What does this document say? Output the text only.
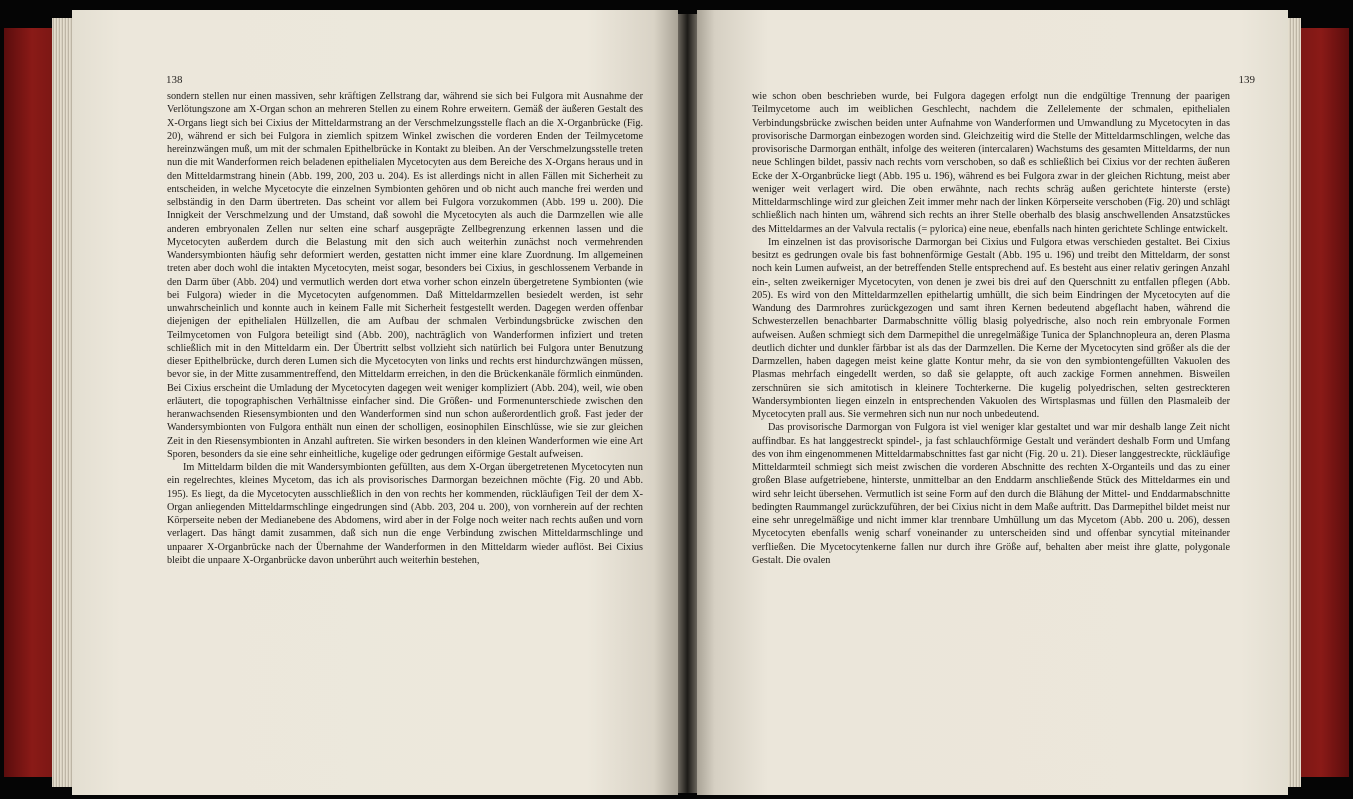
138

sondern stellen nur einen massiven, sehr kräftigen Zellstrang dar, während sie sich bei Fulgora mit Ausnahme der Verlötungszone am X-Organ schon an mehreren Stellen zu einem Rohre erweitern. Gemäß der äußeren Gestalt des X-Organs liegt sich bei Cixius der Mitteldarmstrang an der Verschmelzungsstelle flach an die X-Organbrücke (Fig. 20), während er sich bei Fulgora in ziemlich spitzem Winkel zwischen die vorderen Enden der Teilmycetome hereinzwängen muß, um mit der schmalen Epithelbrücke in Kontakt zu bleiben. An der Verschmelzungsstelle treten nun die mit Wanderformen reich beladenen epithelialen Mycetocyten aus dem Bereiche des X-Organs heraus und in den Mitteldarmstrang hinein (Abb. 199, 200, 203 u. 204). Es ist allerdings nicht in allen Fällen mit Sicherheit zu entscheiden, in welche Mycetocyte die einzelnen Symbionten gehören und ob nicht auch manche frei werden und selbständig in den Darm übertreten. Das scheint vor allem bei Fulgora vorzukommen (Abb. 199 u. 200). Die Innigkeit der Verschmelzung und der Umstand, daß sowohl die Mycetocyten als auch die Darmzellen wie alle anderen embryonalen Zellen nur selten eine scharf ausgeprägte Zellbegrenzung erkennen lassen und die Mycetocyten außerdem durch die Belastung mit den sich auch weiterhin zunächst noch vermehrenden Wandersymbionten häufig sehr deformiert werden, gestatten nicht immer eine klare Zuordnung. Im allgemeinen treten aber doch wohl die intakten Mycetocyten, meist sogar, besonders bei Cixius, in geschlossenem Verbande in den Darm über (Abb. 204) und vermutlich werden dort etwa vorher schon einzeln übergetretene Symbionten (wie bei Fulgora) wieder in die Mycetocyten aufgenommen. Daß Mitteldarmzellen besiedelt werden, ist sehr unwahrscheinlich und konnte auch in keinem Falle mit Sicherheit festgestellt werden. Dagegen werden offenbar diejenigen der epithelialen Hüllzellen, die am Aufbau der schmalen Verbindungsbrücke zwischen den Teilmycetomen von Fulgora beteiligt sind (Abb. 200), nachträglich von Wanderformen infiziert und treten schließlich mit in den Mitteldarm ein. Der Übertritt selbst vollzieht sich natürlich bei Fulgora unter Benutzung dieser Epithelbrücke, durch deren Lumen sich die Mycetocyten von links und rechts erst hindurchzwängen müssen, bevor sie, in der Mitte zusammentreffend, den Mitteldarm erreichen, in den die Brückenkanäle förmlich einmünden. Bei Cixius erscheint die Umladung der Mycetocyten dagegen weit weniger kompliziert (Abb. 204), weil, wie oben erläutert, die topographischen Verhältnisse einfacher sind. Die Größen- und Formenunterschiede zwischen den heranwachsenden Riesensymbionten und den Wanderformen sind nun schon außerordentlich groß. Fast jeder der Wandersymbionten von Fulgora enthält nun einen der scholligen, eosinophilen Einschlüsse, wie sie zur gleichen Zeit in den Riesensymbionten in Anzahl auftreten. Sie wirken besonders in den kleinen Wanderformen wie eine Art Sporen, besonders da sie eine sehr einheitliche, kugelige oder gedrungen eiförmige Gestalt aufweisen.

Im Mitteldarm bilden die mit Wandersymbionten gefüllten, aus dem X-Organ übergetretenen Mycetocyten nun ein regelrechtes, kleines Mycetom, das ich als provisorisches Darmorgan bezeichnen möchte (Fig. 20 und Abb. 195). Es liegt, da die Mycetocyten ausschließlich in den von rechts her kommenden, rückläufigen Teil der dem X-Organ anliegenden Mitteldarmschlinge eingedrungen sind (Abb. 203, 204 u. 200), von vornherein auf der rechten Körperseite neben der Medianebene des Abdomens, wird aber in der Folge noch weiter nach rechts außen und vorn verlagert. Das hängt damit zusammen, daß sich nun die enge Verbindung zwischen Mitteldarmschlinge und unpaarer X-Organbrücke nach der Übernahme der Wanderformen in den Mitteldarm wieder auflöst. Bei Cixius bleibt die unpaare X-Organbrücke davon unberührt auch weiterhin bestehen,

139

wie schon oben beschrieben wurde, bei Fulgora dagegen erfolgt nun die endgültige Trennung der paarigen Teilmycetome auch im weiblichen Geschlecht, nachdem die Zellelemente der schmalen, epithelialen Verbindungsbrücke zwischen beiden unter Aufnahme von Wanderformen und Umwandlung zu Mycetocyten in das provisorische Darmorgan einbezogen worden sind. Gleichzeitig wird die Stelle der Mitteldarmschlingen, welche das provisorische Darmorgan enthält, infolge des weiteren (intercalaren) Wachstums des gesamten Mitteldarms, der nun neue Schlingen bildet, passiv nach rechts vorn verschoben, so daß es schließlich bei Cixius vor der rechten äußeren Ecke der X-Organbrücke liegt (Abb. 195 u. 196), während es bei Fulgora zwar in der gleichen Richtung, meist aber weniger weit verlagert wird. Die oben erwähnte, nach rechts schräg außen gerichtete hinterste (erste) Mitteldarmschlinge wird zur gleichen Zeit immer mehr nach der linken Körperseite verschoben (Fig. 20) und schlägt schließlich nach hinten um, während sich rechts an ihrer Stelle oberhalb des blasig anschwellenden Ansatzstückes des Mitteldarmes an der Valvula rectalis (= pylorica) eine neue, ebenfalls nach hinten gerichtete Schlinge entwickelt.

Im einzelnen ist das provisorische Darmorgan bei Cixius und Fulgora etwas verschieden gestaltet. Bei Cixius besitzt es gedrungen ovale bis fast bohnenförmige Gestalt (Abb. 195 u. 196) und treibt den Mitteldarm, der sonst noch kein Lumen aufweist, an der betreffenden Stelle entsprechend auf. Es besteht aus einer relativ geringen Anzahl ein-, selten zweikerniger Mycetocyten, von denen je zwei bis drei auf den Querschnitt zu entfallen pflegen (Abb. 205). Es wird von den Mitteldarmzellen epithelartig umhüllt, die sich beim Eindringen der Mycetocyten auf die Wandung des Darmrohres zurückgezogen und samt ihren Kernen bedeutend abgeflacht haben, während die Schwesterzellen benachbarter Darmabschnitte völlig blasig polyedrische, also noch rein embryonale Formen aufweisen. Außen schmiegt sich dem Darmepithel die unregelmäßige Tunica der Splanchnopleura an, deren Plasma deutlich dichter und dunkler färbbar ist als das der Darmzellen. Die Kerne der Mycetocyten sind größer als die der Darmzellen, haben dagegen meist keine glatte Kontur mehr, da sie von den symbiontengefüllten Vakuolen des Plasmas mehrfach eingedellt werden, so daß sie gelappte, oft auch zackige Formen annehmen. Bisweilen zerschnüren sie sich amitotisch in kleinere Tochterkerne. Die kugelig polyedrischen, selten gestreckteren Wandersymbionten liegen einzeln in entsprechenden Vakuolen des Wirtsplasmas und füllen den Plasmaleib der Mycetocyten prall aus. Sie vermehren sich nun nur noch unbedeutend.

Das provisorische Darmorgan von Fulgora ist viel weniger klar gestaltet und war mir deshalb lange Zeit nicht auffindbar. Es hat langgestreckt spindel-, ja fast schlauchförmige Gestalt und verändert deshalb Form und Umfang des von ihm eingenommenen Mitteldarmabschnittes fast gar nicht (Fig. 20 u. 21). Dieser langgestreckte, rückläufige Mitteldarmteil schmiegt sich meist zwischen die vorderen Abschnitte des rechten X-Organteils und das zu einer großen Blase aufgetriebene, hinterste, unmittelbar an den Enddarm anschließende Stück des Mitteldarmes ein und wird sehr leicht übersehen. Vermutlich ist seine Form auf den durch die Blähung der Mittel- und Enddarmabschnitte bedingten Raummangel zurückzuführen, der bei Cixius nicht in dem Maße auftritt. Das Darmepithel bildet meist nur eine sehr unregelmäßige und nicht immer klar trennbare Umhüllung um das Mycetom (Abb. 200 u. 206), dessen Mycetocyten ebenfalls wenig scharf voneinander zu unterscheiden sind und offenbar syncytial miteinander verfließen. Die Mycetocytenkerne fallen nur durch ihre Größe auf, behalten aber meist ihre glatte, polygonale Gestalt. Die ovalen
